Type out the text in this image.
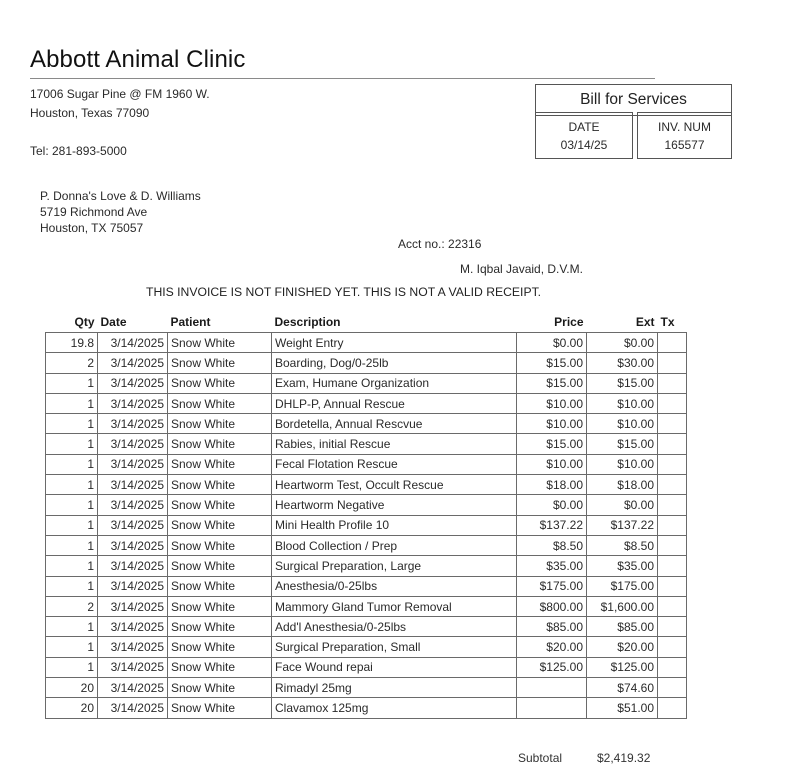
Abbott Animal Clinic
17006 Sugar Pine @ FM 1960 W.
Houston, Texas 77090
Tel: 281-893-5000
Bill for Services
DATE
03/14/25
INV. NUM
165577
P. Donna's Love & D. Williams
5719 Richmond Ave
Houston, TX 75057
Acct no.: 22316
M. Iqbal Javaid, D.V.M.
THIS INVOICE IS NOT FINISHED YET. THIS IS NOT A VALID RECEIPT.
Qty	Date	Patient	Description	Price	Ext	Tx
19.8	3/14/2025	Snow White	Weight Entry	$0.00	$0.00	
2	3/14/2025	Snow White	Boarding, Dog/0-25lb	$15.00	$30.00	
1	3/14/2025	Snow White	Exam, Humane Organization	$15.00	$15.00	
1	3/14/2025	Snow White	DHLP-P, Annual Rescue	$10.00	$10.00	
1	3/14/2025	Snow White	Bordetella, Annual Rescvue	$10.00	$10.00	
1	3/14/2025	Snow White	Rabies, initial Rescue	$15.00	$15.00	
1	3/14/2025	Snow White	Fecal Flotation Rescue	$10.00	$10.00	
1	3/14/2025	Snow White	Heartworm Test, Occult Rescue	$18.00	$18.00	
1	3/14/2025	Snow White	Heartworm Negative	$0.00	$0.00	
1	3/14/2025	Snow White	Mini Health Profile 10	$137.22	$137.22	
1	3/14/2025	Snow White	Blood Collection / Prep	$8.50	$8.50	
1	3/14/2025	Snow White	Surgical Preparation, Large	$35.00	$35.00	
1	3/14/2025	Snow White	Anesthesia/0-25lbs	$175.00	$175.00	
2	3/14/2025	Snow White	Mammory Gland Tumor Removal	$800.00	$1,600.00	
1	3/14/2025	Snow White	Add'l Anesthesia/0-25lbs	$85.00	$85.00	
1	3/14/2025	Snow White	Surgical Preparation, Small	$20.00	$20.00	
1	3/14/2025	Snow White	Face Wound repai	$125.00	$125.00	
20	3/14/2025	Snow White	Rimadyl 25mg		$74.60	
20	3/14/2025	Snow White	Clavamox 125mg		$51.00	
Subtotal	$2,419.32
